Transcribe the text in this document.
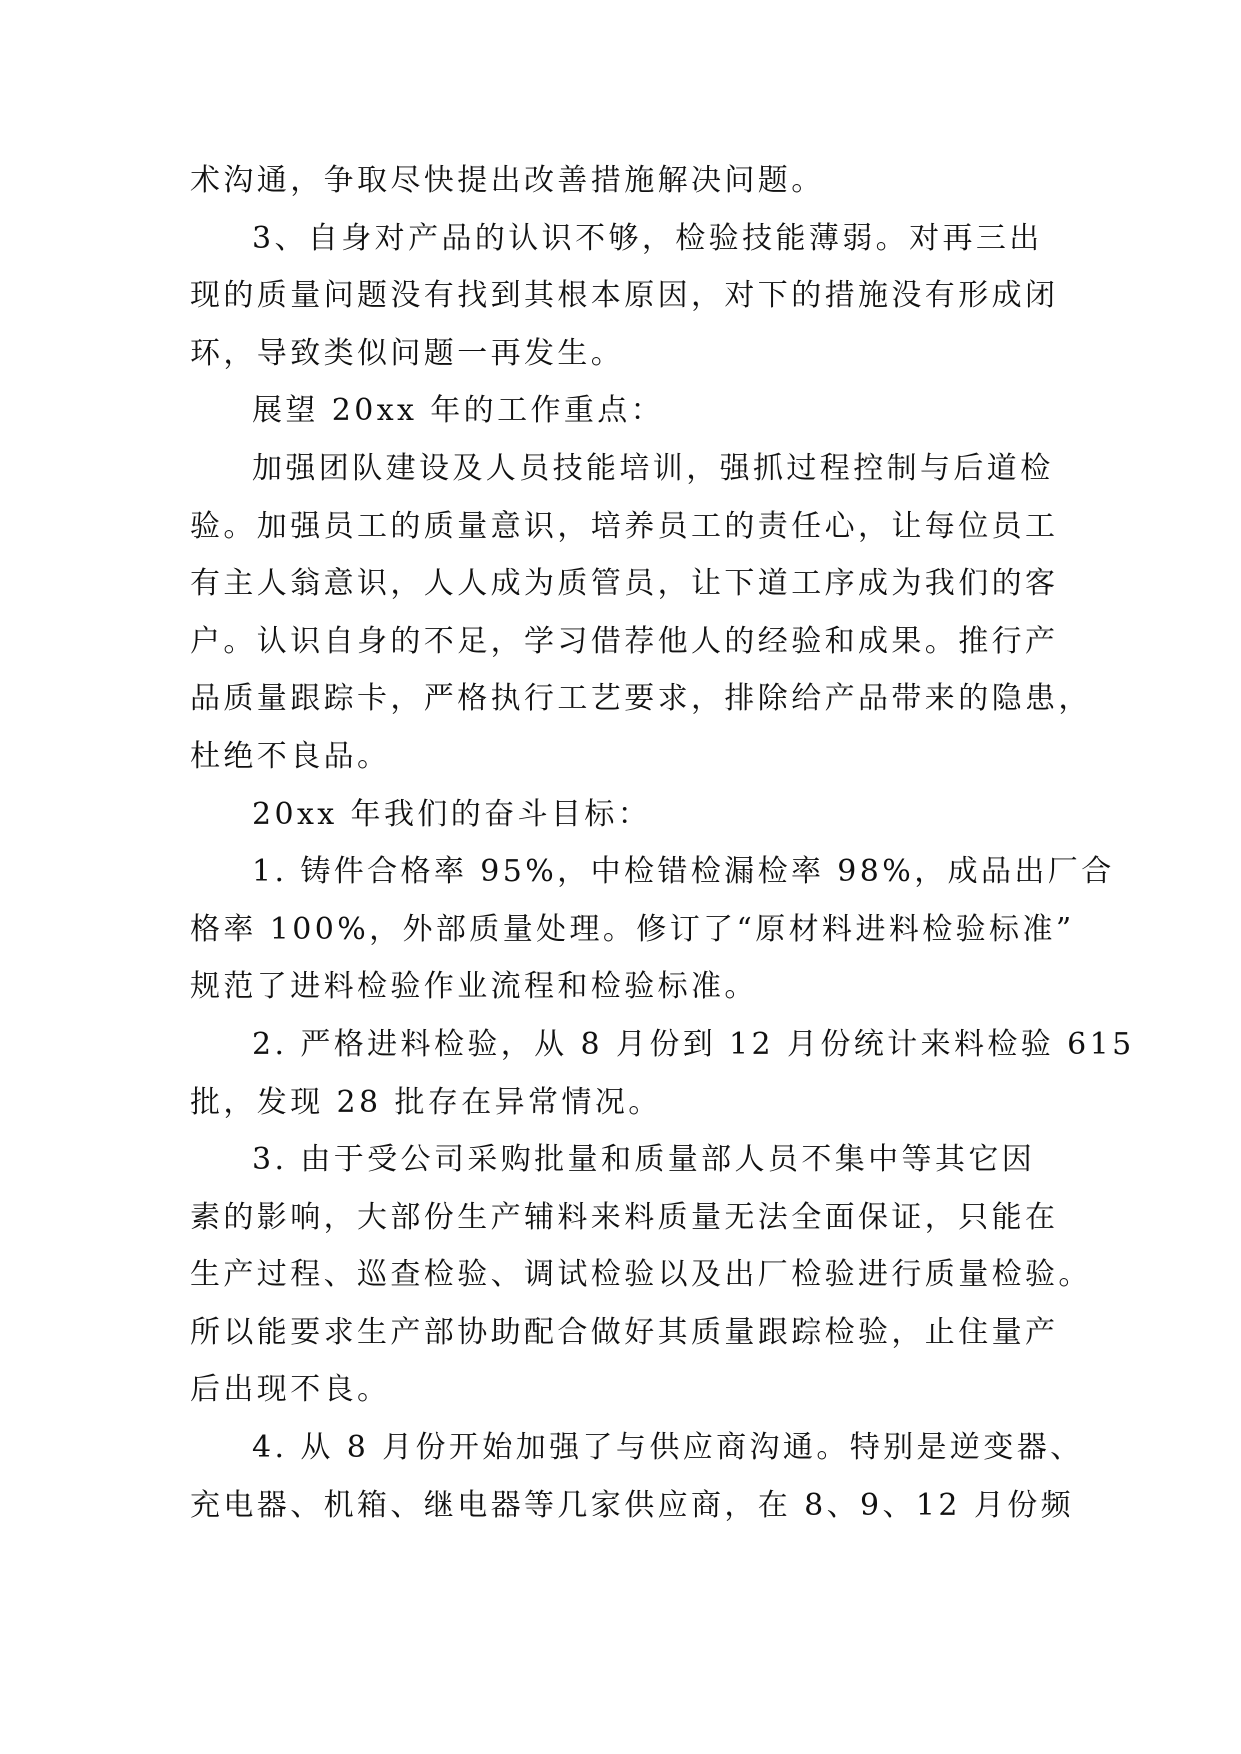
术沟通，争取尽快提出改善措施解决问题。
3、自身对产品的认识不够，检验技能薄弱。对再三出
现的质量问题没有找到其根本原因，对下的措施没有形成闭
环，导致类似问题一再发生。
展望 20xx 年的工作重点：
加强团队建设及人员技能培训，强抓过程控制与后道检
验。加强员工的质量意识，培养员工的责任心，让每位员工
有主人翁意识，人人成为质管员，让下道工序成为我们的客
户。认识自身的不足，学习借荐他人的经验和成果。推行产
品质量跟踪卡，严格执行工艺要求，排除给产品带来的隐患，
杜绝不良品。
20xx 年我们的奋斗目标：
1. 铸件合格率 95%，中检错检漏检率 98%，成品出厂合
格率 100%，外部质量处理。修订了“原材料进料检验标准”
规范了进料检验作业流程和检验标准。
2. 严格进料检验，从 8 月份到 12 月份统计来料检验 615
批，发现 28 批存在异常情况。
3. 由于受公司采购批量和质量部人员不集中等其它因
素的影响，大部份生产辅料来料质量无法全面保证，只能在
生产过程、巡查检验、调试检验以及出厂检验进行质量检验。
所以能要求生产部协助配合做好其质量跟踪检验，止住量产
后出现不良。
4. 从 8 月份开始加强了与供应商沟通。特别是逆变器、
充电器、机箱、继电器等几家供应商，在 8、9、12 月份频
